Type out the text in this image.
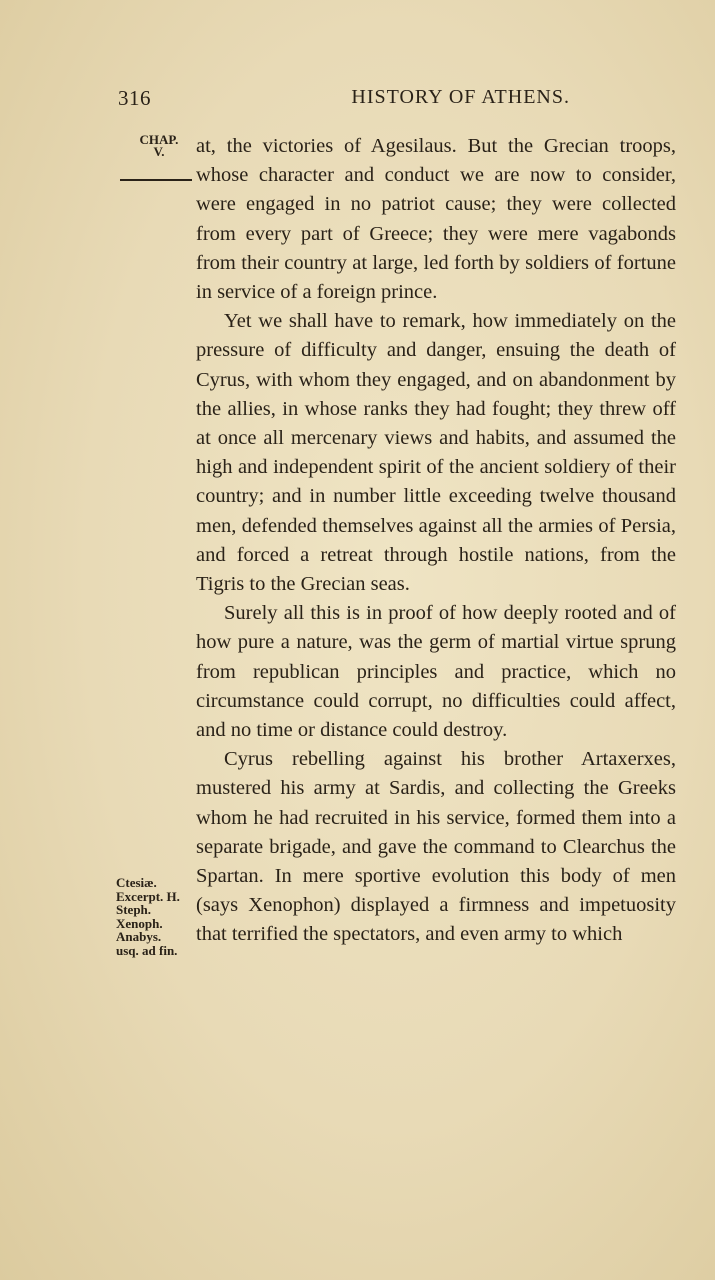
316	HISTORY OF ATHENS.
CHAP.
V.
Ctesiæ.
Excerpt. H.
Steph.
Xenoph.
Anabys.
usq. ad fin.

at, the victories of Agesilaus. But the Grecian troops, whose character and conduct we are now to consider, were engaged in no patriot cause; they were collected from every part of Greece; they were mere vagabonds from their country at large, led forth by soldiers of fortune in service of a foreign prince.

Yet we shall have to remark, how immediately on the pressure of difficulty and danger, ensuing the death of Cyrus, with whom they engaged, and on abandonment by the allies, in whose ranks they had fought; they threw off at once all mercenary views and habits, and assumed the high and independent spirit of the ancient soldiery of their country; and in number little exceeding twelve thousand men, defended themselves against all the armies of Persia, and forced a retreat through hostile nations, from the Tigris to the Grecian seas.

Surely all this is in proof of how deeply rooted and of how pure a nature, was the germ of martial virtue sprung from republican principles and practice, which no circumstance could corrupt, no difficulties could affect, and no time or distance could destroy.

Cyrus rebelling against his brother Artaxerxes, mustered his army at Sardis, and collecting the Greeks whom he had recruited in his service, formed them into a separate brigade, and gave the command to Clearchus the Spartan. In mere sportive evolution this body of men (says Xenophon) displayed a firmness and impetuosity that terrified the spectators, and even army to which
